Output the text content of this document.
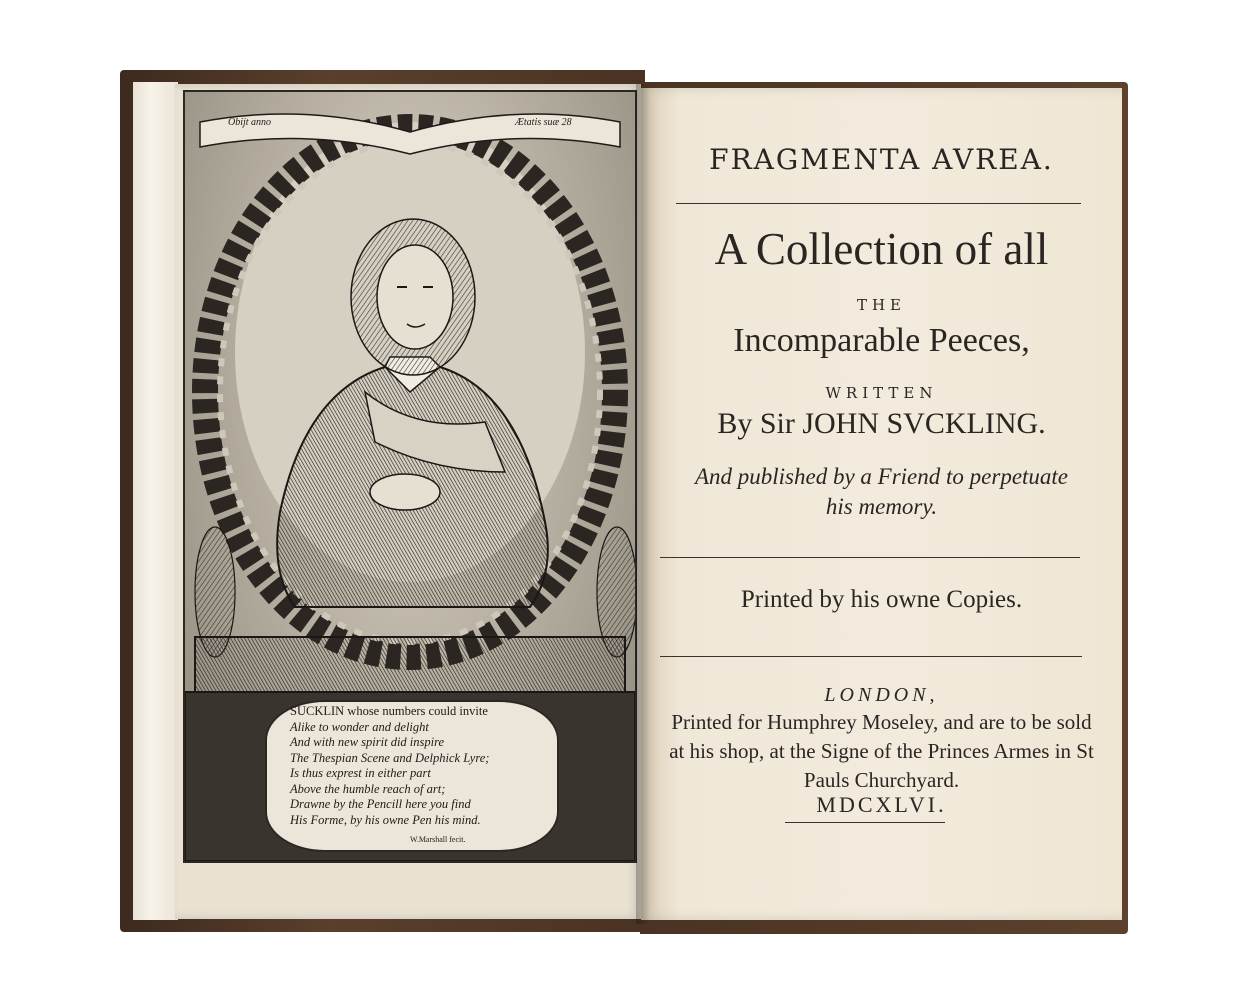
Obijt anno	Ætatis suæ 28
SUCKLIN whose numbers could invite
Alike to wonder and delight
And with new spirit did inspire
The Thespian Scene and Delphick Lyre;
Is thus exprest in either part
Above the humble reach of art;
Drawne by the Pencill here you find
His Forme, by his owne Pen his mind.
W.Marshall fecit.
FRAGMENTA AVREA.
A Collection of all
THE
Incomparable Peeces,
WRITTEN
By Sir JOHN SVCKLING.
And published by a Friend to perpetuate his memory.
Printed by his owne Copies.
LONDON,
Printed for Humphrey Moseley, and are to be sold at his shop, at the Signe of the Princes Armes in St Pauls Churchyard.
MDCXLVI.
